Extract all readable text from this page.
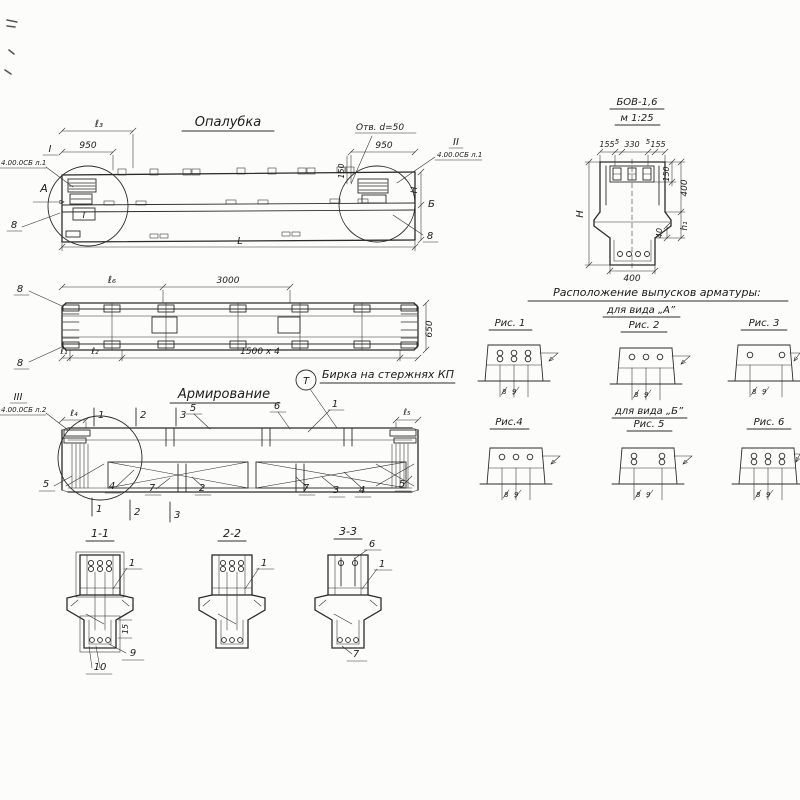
Опалубка
Т
ℓ₃
950	950
Отв. d=50
150
Н
Б
L
I
4.00.0СБ л.1
А
8
8
II
4.00.0СБ л.1
ℓ₆	3000
650
ℓ₁	ℓ₂	1500 х 4
8
8
Т
Бирка на стержнях КП
Армирование
1	2	3
5	6	1
ℓ₄	ℓ₅
III
4.00.0СБ л.2
5	4	7	2	7 3 4
5
1	2	3
1-1
15
1
9
10
2-2
1
3-3
6
1
7
БОВ-1,6
м 1:25
155 5 330 5 155
150
400
h₁
40
Н
400
Расположение выпусков арматуры:
для вида „А”
Рис. 1	Рис. 2	Рис. 3
8 9	8 9	8 9
Рис.4
для вида „Б”
Рис. 5	Рис. 6
8 9	8 9	8 9
